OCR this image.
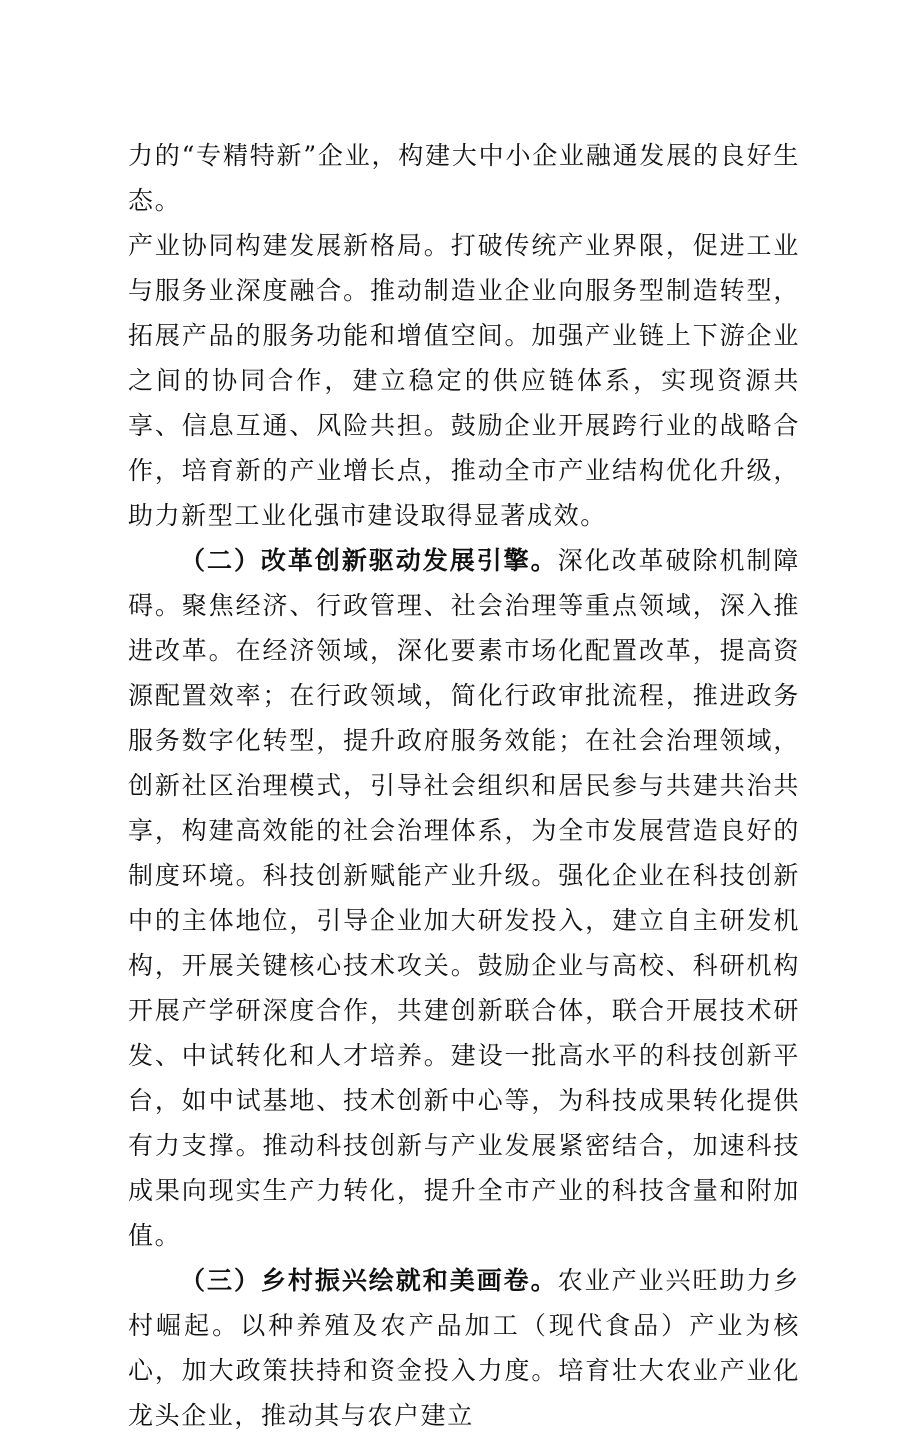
力的“专精特新”企业，构建大中小企业融通发展的良好生态。

产业协同构建发展新格局。打破传统产业界限，促进工业与服务业深度融合。推动制造业企业向服务型制造转型，拓展产品的服务功能和增值空间。加强产业链上下游企业之间的协同合作，建立稳定的供应链体系，实现资源共享、信息互通、风险共担。鼓励企业开展跨行业的战略合作，培育新的产业增长点，推动全市产业结构优化升级，助力新型工业化强市建设取得显著成效。

（二）改革创新驱动发展引擎。深化改革破除机制障碍。聚焦经济、行政管理、社会治理等重点领域，深入推进改革。在经济领域，深化要素市场化配置改革，提高资源配置效率；在行政领域，简化行政审批流程，推进政务服务数字化转型，提升政府服务效能；在社会治理领域，创新社区治理模式，引导社会组织和居民参与共建共治共享，构建高效能的社会治理体系，为全市发展营造良好的制度环境。科技创新赋能产业升级。强化企业在科技创新中的主体地位，引导企业加大研发投入，建立自主研发机构，开展关键核心技术攻关。鼓励企业与高校、科研机构开展产学研深度合作，共建创新联合体，联合开展技术研发、中试转化和人才培养。建设一批高水平的科技创新平台，如中试基地、技术创新中心等，为科技成果转化提供有力支撑。推动科技创新与产业发展紧密结合，加速科技成果向现实生产力转化，提升全市产业的科技含量和附加值。

（三）乡村振兴绘就和美画卷。农业产业兴旺助力乡村崛起。以种养殖及农产品加工（现代食品）产业为核心，加大政策扶持和资金投入力度。培育壮大农业产业化龙头企业，推动其与农户建立
